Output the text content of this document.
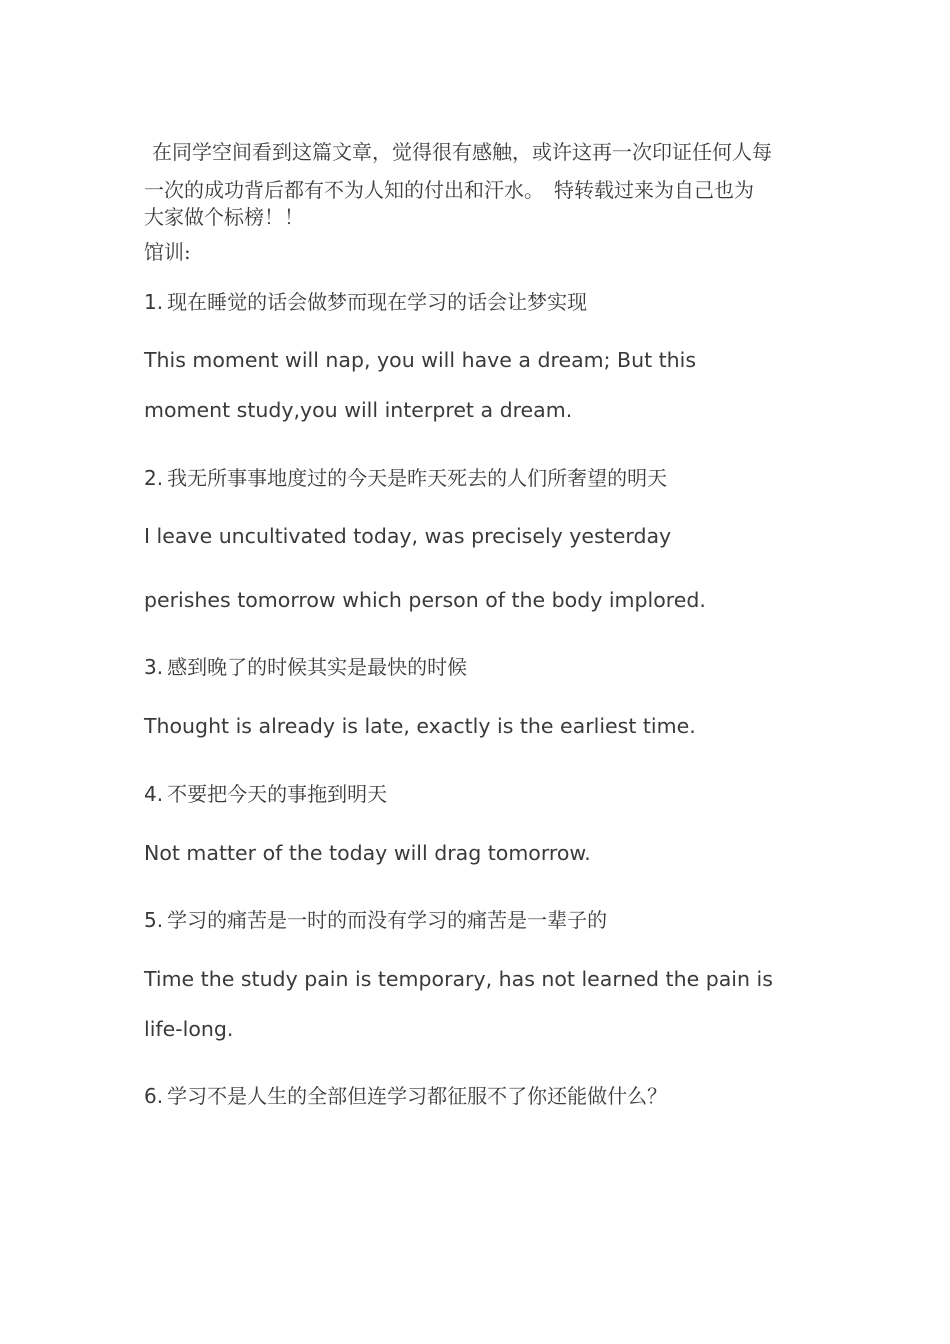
在同学空间看到这篇文章，觉得很有感触，或许这再一次印证任何人每
一次的成功背后都有不为人知的付出和汗水。　特转载过来为自己也为
大家做个标榜！！
馆训:
1. 现在睡觉的话会做梦而现在学习的话会让梦实现
This moment will nap, you will have a dream; But this
moment study,you will interpret a dream.
2. 我无所事事地度过的今天是昨天死去的人们所奢望的明天
I leave uncultivated today, was precisely yesterday
perishes tomorrow which person of the body implored.
3. 感到晚了的时候其实是最快的时候
Thought is already is late, exactly is the earliest time.
4. 不要把今天的事拖到明天
Not matter of the today will drag tomorrow.
5. 学习的痛苦是一时的而没有学习的痛苦是一辈子的
Time the study pain is temporary, has not learned the pain is
life-long.
6. 学习不是人生的全部但连学习都征服不了你还能做什么？
